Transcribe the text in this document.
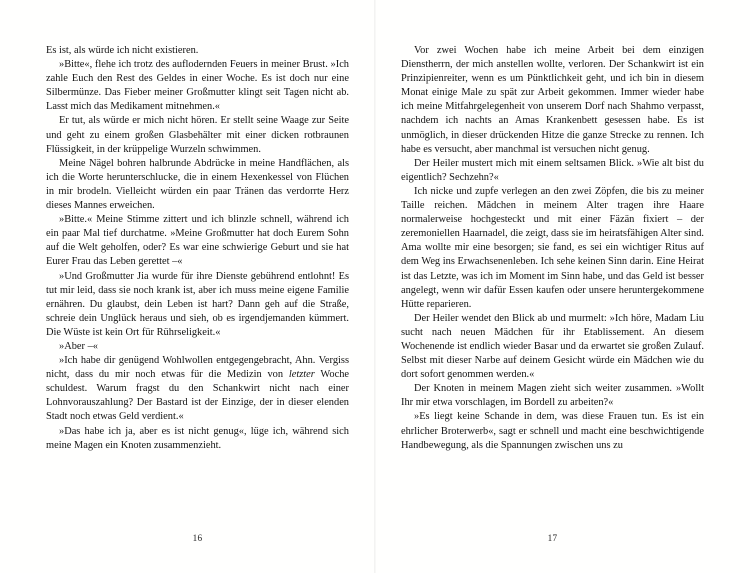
Es ist, als würde ich nicht existieren.

»Bitte«, flehe ich trotz des auflodernden Feuers in meiner Brust. »Ich zahle Euch den Rest des Geldes in einer Woche. Es ist doch nur eine Silbermünze. Das Fieber meiner Großmutter klingt seit Tagen nicht ab. Lasst mich das Medikament mitnehmen.«

Er tut, als würde er mich nicht hören. Er stellt seine Waage zur Seite und geht zu einem großen Glasbehälter mit einer dicken rotbraunen Flüssigkeit, in der krüppelige Wurzeln schwimmen.

Meine Nägel bohren halbrunde Abdrücke in meine Handflächen, als ich die Worte herunterschlucke, die in einem Hexenkessel von Flüchen in mir brodeln. Vielleicht würden ein paar Tränen das verdorrte Herz dieses Mannes erweichen.

»Bitte.« Meine Stimme zittert und ich blinzle schnell, während ich ein paar Mal tief durchatme. »Meine Großmutter hat doch Eurem Sohn auf die Welt geholfen, oder? Es war eine schwierige Geburt und sie hat Eurer Frau das Leben gerettet –«

»Und Großmutter Jia wurde für ihre Dienste gebührend entlohnt! Es tut mir leid, dass sie noch krank ist, aber ich muss meine eigene Familie ernähren. Du glaubst, dein Leben ist hart? Dann geh auf die Straße, schreie dein Unglück heraus und sieh, ob es irgendjemanden kümmert. Die Wüste ist kein Ort für Rührseligkeit.«

»Aber –«

»Ich habe dir genügend Wohlwollen entgegengebracht, Ahn. Vergiss nicht, dass du mir noch etwas für die Medizin von letzter Woche schuldest. Warum fragst du den Schankwirt nicht nach einer Lohnvorauszahlung? Der Bastard ist der Einzige, der in dieser elenden Stadt noch etwas Geld verdient.«

»Das habe ich ja, aber es ist nicht genug«, lüge ich, während sich meine Magen ein Knoten zusammenzieht.

16

Vor zwei Wochen habe ich meine Arbeit bei dem einzigen Dienstherrn, der mich anstellen wollte, verloren. Der Schankwirt ist ein Prinzipienreiter, wenn es um Pünktlichkeit geht, und ich bin in diesem Monat einige Male zu spät zur Arbeit gekommen. Immer wieder habe ich meine Mitfahrgelegenheit von unserem Dorf nach Shahmo verpasst, nachdem ich nachts an Amas Krankenbett gesessen habe. Es ist unmöglich, in dieser drückenden Hitze die ganze Strecke zu rennen. Ich habe es versucht, aber manchmal ist versuchen nicht genug.

Der Heiler mustert mich mit einem seltsamen Blick. »Wie alt bist du eigentlich? Sechzehn?«

Ich nicke und zupfe verlegen an den zwei Zöpfen, die bis zu meiner Taille reichen. Mädchen in meinem Alter tragen ihre Haare normalerweise hochgesteckt und mit einer Fäzän fixiert – der zeremoniellen Haarnadel, die zeigt, dass sie im heiratsfähigen Alter sind. Ama wollte mir eine besorgen; sie fand, es sei ein wichtiger Ritus auf dem Weg ins Erwachsenenleben. Ich sehe keinen Sinn darin. Eine Heirat ist das Letzte, was ich im Moment im Sinn habe, und das Geld ist besser angelegt, wenn wir dafür Essen kaufen oder unsere heruntergekommene Hütte reparieren.

Der Heiler wendet den Blick ab und murmelt: »Ich höre, Madam Liu sucht nach neuen Mädchen für ihr Etablissement. An diesem Wochenende ist endlich wieder Basar und da erwartet sie großen Zulauf. Selbst mit dieser Narbe auf deinem Gesicht würde ein Mädchen wie du dort sofort genommen werden.«

Der Knoten in meinem Magen zieht sich weiter zusammen. »Wollt Ihr mir etwa vorschlagen, im Bordell zu arbeiten?«

»Es liegt keine Schande in dem, was diese Frauen tun. Es ist ein ehrlicher Broterwerb«, sagt er schnell und macht eine beschwichtigende Handbewegung, als die Spannungen zwischen uns zu

17
